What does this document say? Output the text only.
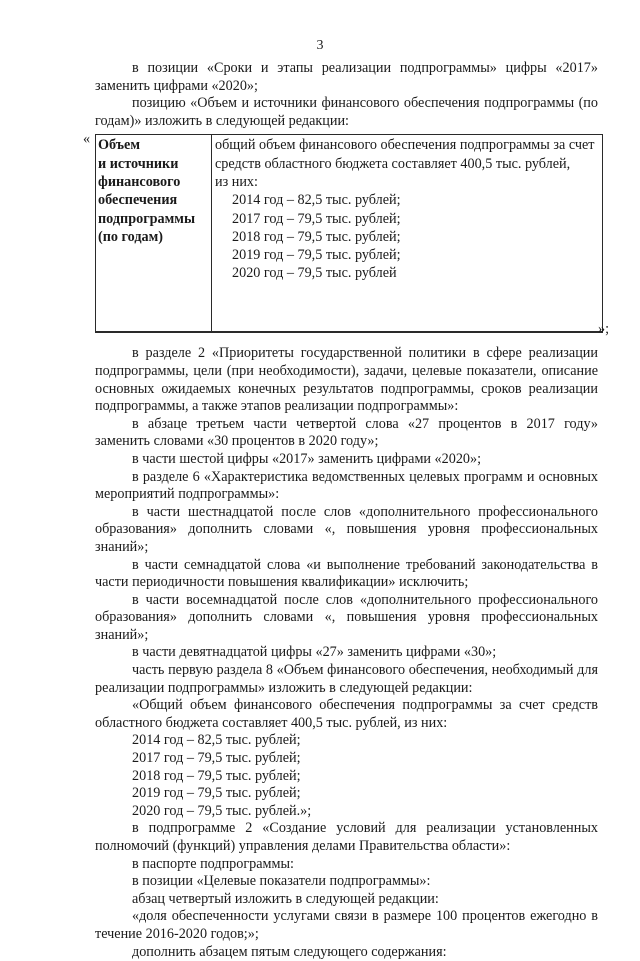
3

в позиции «Сроки и этапы реализации подпрограммы» цифры «2017» заменить цифрами «2020»;

позицию «Объем и источники финансового обеспечения подпрограммы (по годам)» изложить в следующей редакции:

« Объем
и источники
финансового
обеспечения
подпрограммы
(по годам)
общий объем финансового обеспечения подпрограммы за счет
средств областного бюджета составляет 400,5 тыс. рублей,
из них:
2014 год – 82,5 тыс. рублей;
2017 год – 79,5 тыс. рублей;
2018 год – 79,5 тыс. рублей;
2019 год – 79,5 тыс. рублей;
2020 год – 79,5 тыс. рублей
»;

в разделе 2 «Приоритеты государственной политики в сфере реализации подпрограммы, цели (при необходимости), задачи, целевые показатели, описание основных ожидаемых конечных результатов подпрограммы, сроков реализации подпрограммы, а также этапов реализации подпрограммы»:

в абзаце третьем части четвертой слова «27 процентов в 2017 году» заменить словами «30 процентов в 2020 году»;

в части шестой цифры «2017» заменить цифрами «2020»;

в разделе 6 «Характеристика ведомственных целевых программ и основных мероприятий подпрограммы»:

в части шестнадцатой после слов «дополнительного профессионального образования» дополнить словами «, повышения уровня профессиональных знаний»;

в части семнадцатой слова «и выполнение требований законодательства в части периодичности повышения квалификации» исключить;

в части восемнадцатой после слов «дополнительного профессионального образования» дополнить словами «, повышения уровня профессиональных знаний»;

в части девятнадцатой цифры «27» заменить цифрами «30»;

часть первую раздела 8 «Объем финансового обеспечения, необходимый для реализации подпрограммы» изложить в следующей редакции:

«Общий объем финансового обеспечения подпрограммы за счет средств областного бюджета составляет 400,5 тыс. рублей, из них:

2014 год – 82,5 тыс. рублей;

2017 год – 79,5 тыс. рублей;

2018 год – 79,5 тыс. рублей;

2019 год – 79,5 тыс. рублей;

2020 год – 79,5 тыс. рублей.»;

в подпрограмме 2 «Создание условий для реализации установленных полномочий (функций) управления делами Правительства области»:

в паспорте подпрограммы:

в позиции «Целевые показатели подпрограммы»:

абзац четвертый изложить в следующей редакции:

«доля обеспеченности услугами связи в размере 100 процентов ежегодно в течение 2016-2020 годов;»;

дополнить абзацем пятым следующего содержания:
